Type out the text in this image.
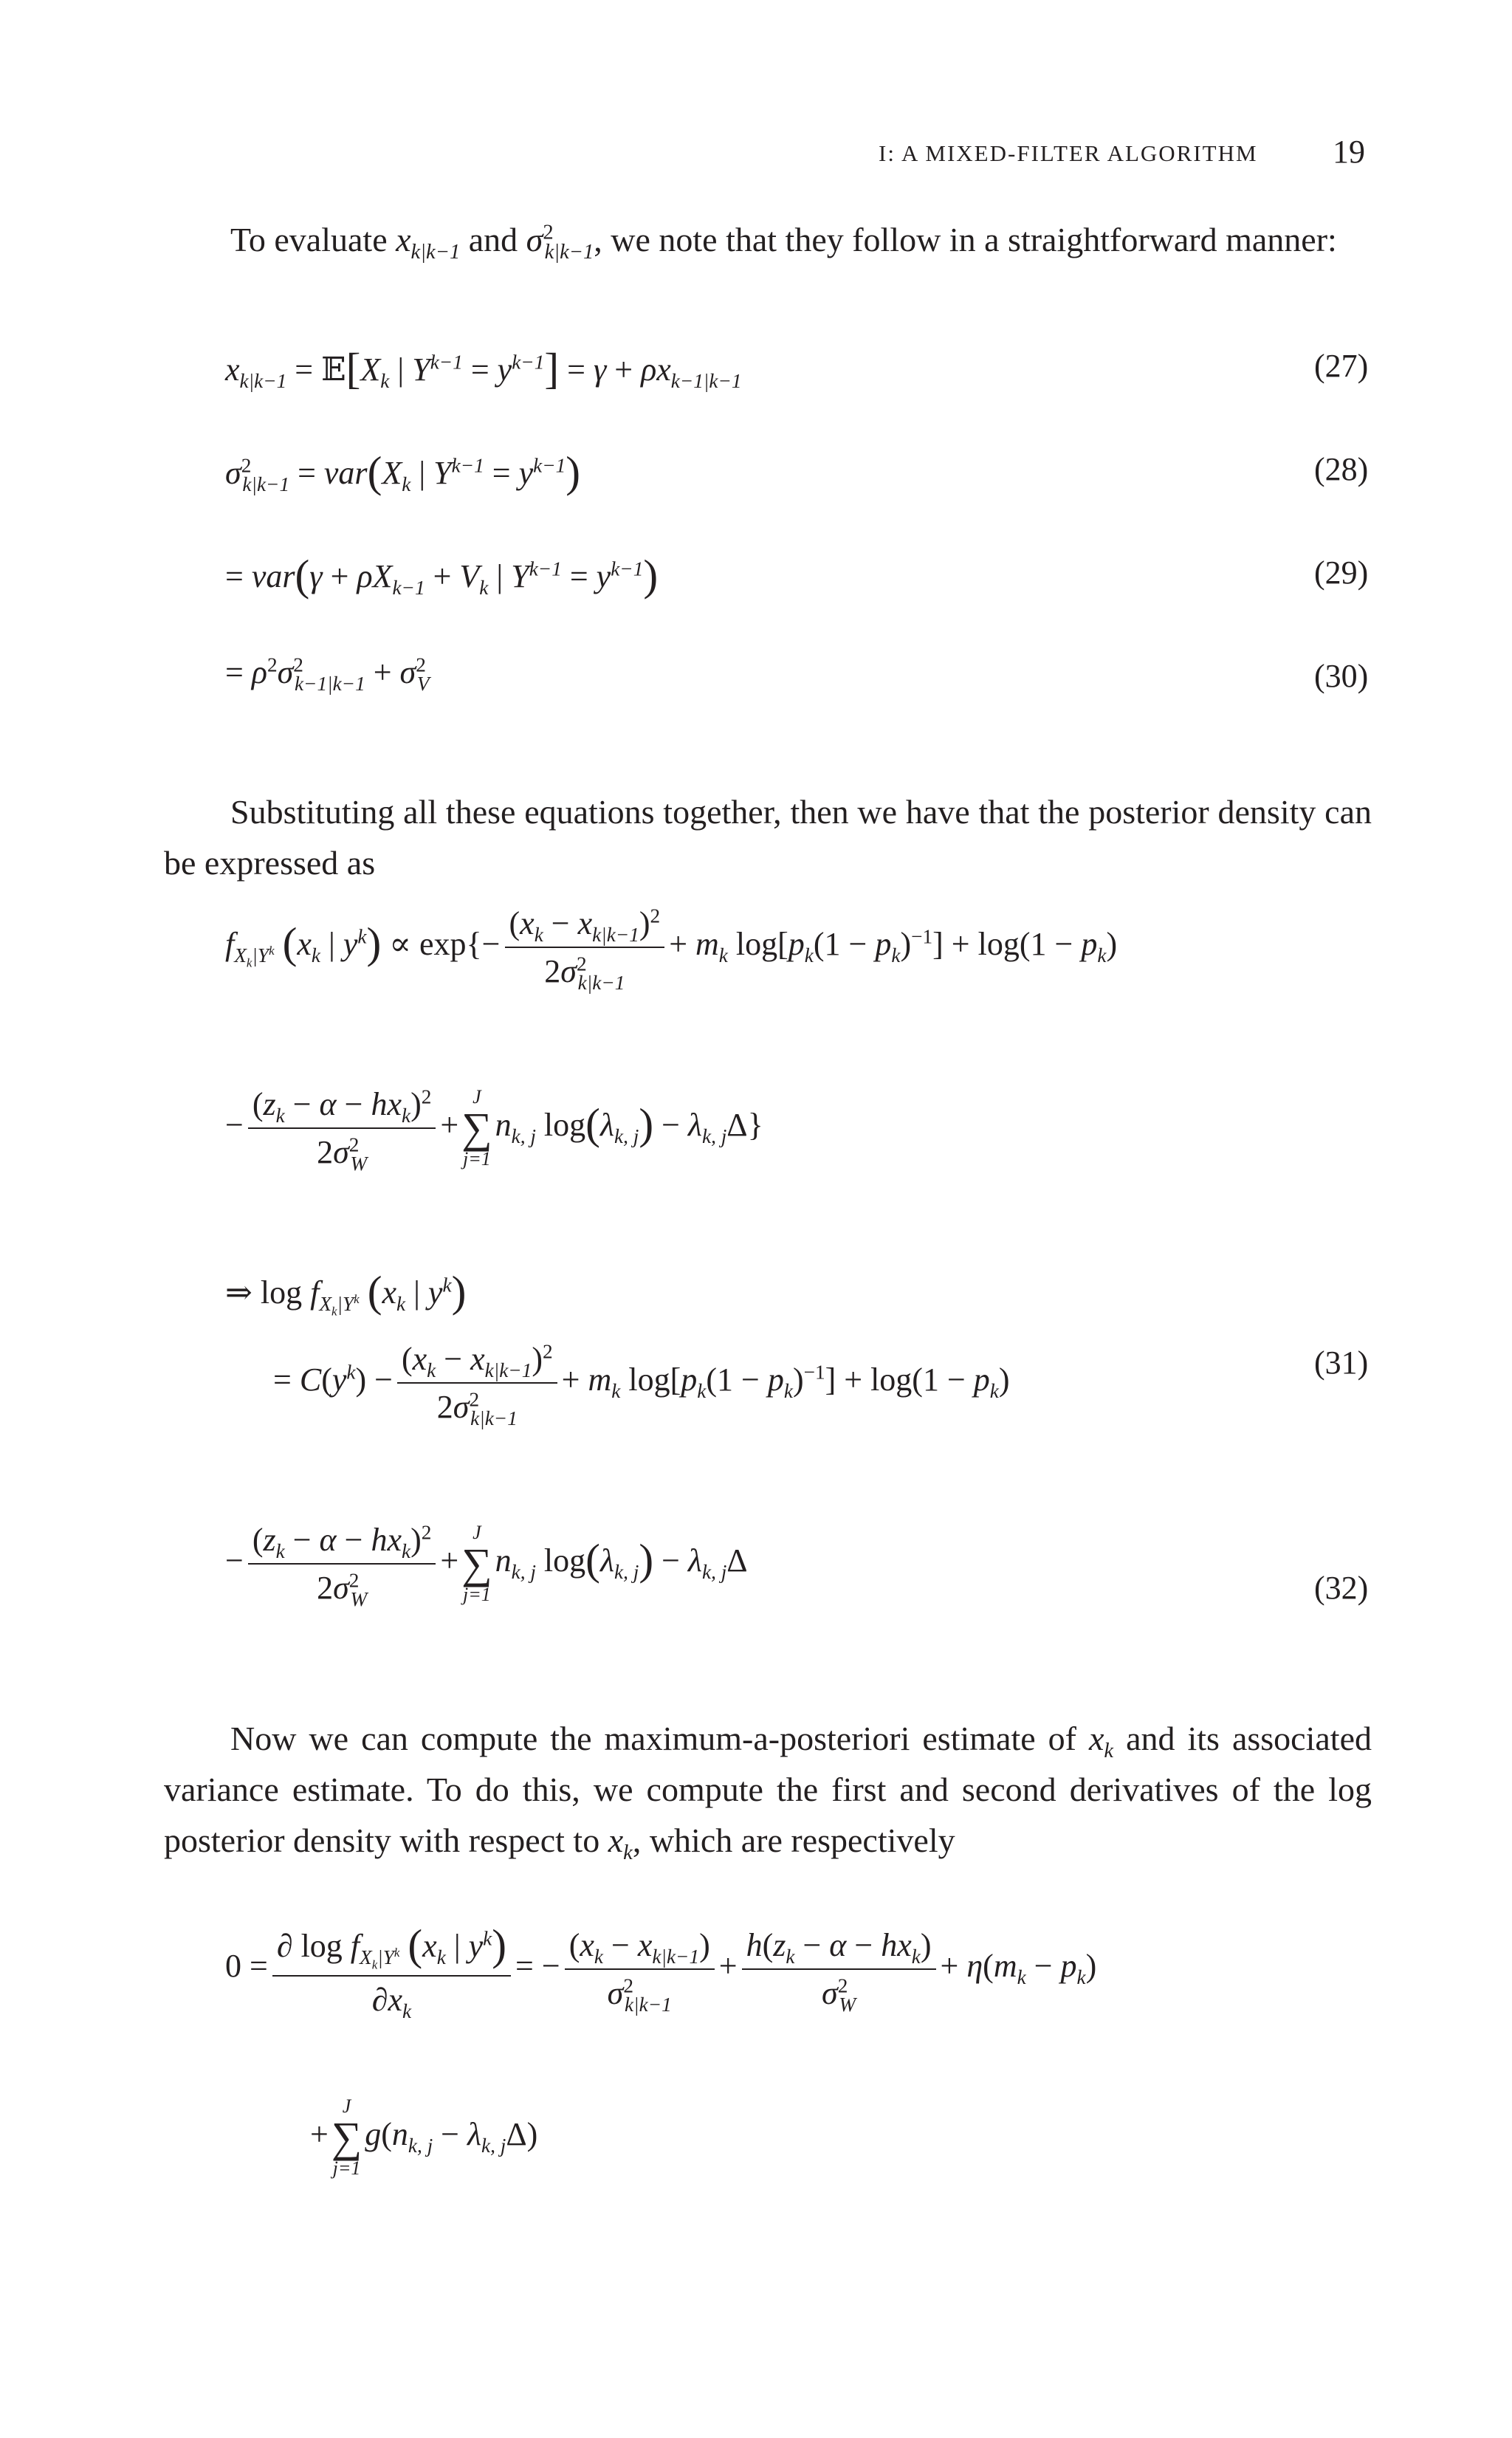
I: A MIXED-FILTER ALGORITHM 19
To evaluate $x_{k|k-1}$ and $\sigma^2_{k|k-1}$, we note that they follow in a straightforward manner:
$x_{k|k-1}$ = $𝔼[X_k$ | $Y^{k-1} = y^{k-1}] = \gamma + \rho x_{k-1|k-1}$	(27)
$\sigma^2_{k|k-1} = var(X_k$ | $Y^{k-1} = y^{k-1}$)	(28)
= $var(\gamma + \rho X_{k-1} + V_k$ | $Y^{k-1} = y^{k-1}$)	(29)
= $\rho^2\sigma^2_{k-1|k-1} + \sigma^2_V$	(30)
Substituting all these equations together, then we have that the posterior density can be expressed as
$f_{X_k|Y^k}$ ($x_k$ | $y^k) \propto \exp\{- \frac{(x_k - x_{k|k-1})^2}{2\sigma^2_{k|k-1}} + m_k$ $\log[p_k(1 - p_k)^{-1}] + \log(1 - p_k)$
− $\frac{(z_k - \alpha - hx_k)^2}{2\sigma^2_W}$ +
J
∑
j=1
$n_{k, j}$ $\log(\lambda_{k, j}) - \lambda_{k, j}\Delta$}
⇒ $\log f_{X_k|Y^k}$ ($x_k$ | $y^k$)
= $C(y^k) - \frac{(x_k - x_{k|k-1})^2}{2\sigma^2_{k|k-1}} + m_k$ $\log[p_k(1 - p_k)^{-1}] + \log(1 - p_k)$	(31)
− $\frac{(z_k - \alpha - hx_k)^2}{2\sigma^2_W}$ +
J
∑
j=1
$n_{k, j}$ $\log(\lambda_{k, j}) - \lambda_{k, j}\Delta$
(32)
Now we can compute the maximum-a-posteriori estimate of $x_k$ and its associated variance estimate. To do this, we compute the first and second derivatives of the log posterior density with respect to $x_k$, which are respectively
$0 = \frac{\partial \log f_{X_k|Y^k} (x_k | y^k)}{\partial x_k}$ = − $\frac{(x_k - x_{k|k-1})}{\sigma^2_{k|k-1}} + \frac{h(z_k - \alpha - hx_k)}{\sigma^2_W} + \eta(m_k - p_k)$
+
J
∑
j=1
$g(n_{k, j} - \lambda_{k, j}\Delta)$
